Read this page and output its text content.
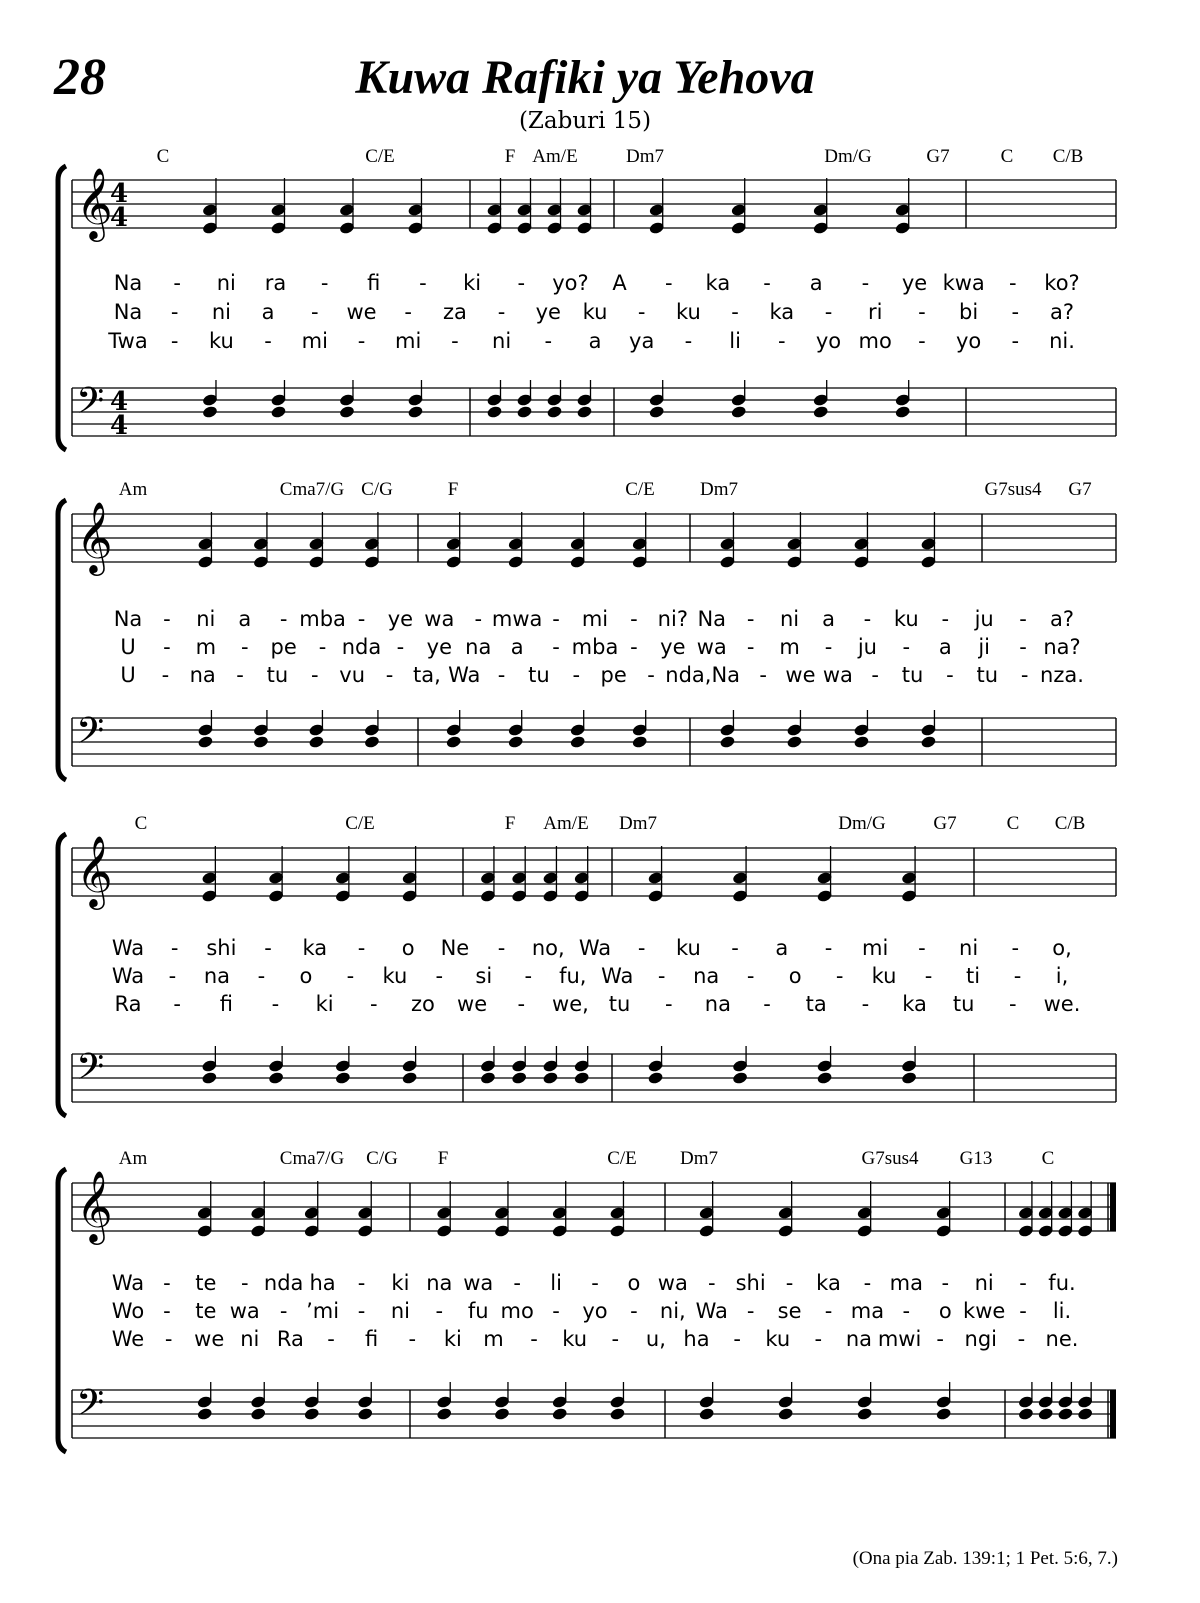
28	Kuwa Rafiki ya Yehova
(Zaburi 15)
𝄞
4
4
𝄢 4
4
C	C/E	F Am/E	Dm7	Dm/G	G7	C C/B
Na - ni ra - fi - ki - yo? A - ka - a - ye kwa - ko?
Na - ni a - we - za - ye ku - ku - ka - ri - bi - a?
Twa - ku - mi - mi - ni - a ya - li - yo mo - yo - ni.
𝄞
𝄢
Am	Cma7/G C/G	F	C/E Dm7	G7sus4 G7
Na - ni a - mba - ye wa - mwa - mi - ni? Na - ni a - ku - ju - a?
U - m - pe - nda - ye na a - mba - ye wa - m - ju - a ji - na?
U - na - tu - vu - ta, Wa - tu - pe - nda, Na - we wa - tu - tu - nza.
𝄞
𝄢
C	C/E	F Am/E Dm7	Dm/G	G7	C C/B
Wa - shi - ka - o Ne - no, Wa - ku - a - mi - ni - o,
Wa - na - o - ku - si - fu, Wa - na - o - ku - ti - i,
Ra - fi - ki - zo we - we, tu - na - ta - ka tu - we.
𝄞
𝄢
Am	Cma7/G C/G F	C/E Dm7	G7sus4 G13	C
Wa - te - nda ha - ki na wa - li - o wa - shi - ka - ma - ni - fu.
Wo - te wa - ’mi - ni - fu mo - yo - ni, Wa - se - ma - o kwe - li.
We - we ni Ra - fi - ki m - ku - u, ha - ku - na mwi - ngi - ne.
(Ona pia Zab. 139:1; 1 Pet. 5:6, 7.)
